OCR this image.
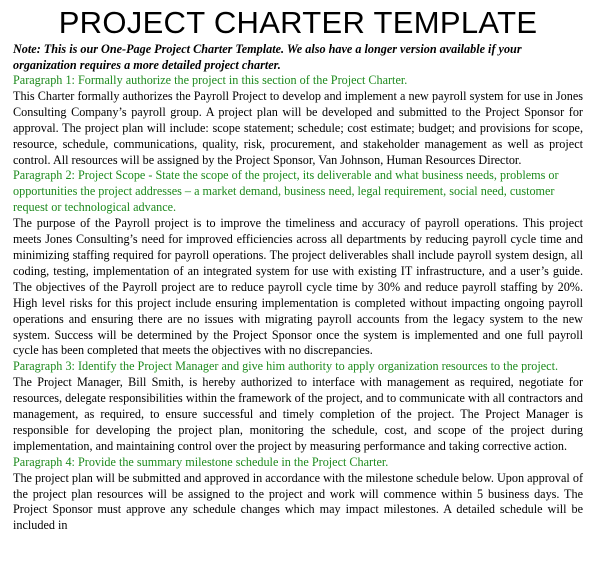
PROJECT CHARTER TEMPLATE

Note: This is our One-Page Project Charter Template. We also have a longer version available if your organization requires a more detailed project charter.

Paragraph 1: Formally authorize the project in this section of the Project Charter.

This Charter formally authorizes the Payroll Project to develop and implement a new payroll system for use in Jones Consulting Company’s payroll group. A project plan will be developed and submitted to the Project Sponsor for approval. The project plan will include: scope statement; schedule; cost estimate; budget; and provisions for scope, resource, schedule, communications, quality, risk, procurement, and stakeholder management as well as project control. All resources will be assigned by the Project Sponsor, Van Johnson, Human Resources Director.

Paragraph 2: Project Scope - State the scope of the project, its deliverable and what business needs, problems or opportunities the project addresses – a market demand, business need, legal requirement, social need, customer request or technological advance.

The purpose of the Payroll project is to improve the timeliness and accuracy of payroll operations. This project meets Jones Consulting’s need for improved efficiencies across all departments by reducing payroll cycle time and minimizing staffing required for payroll operations. The project deliverables shall include payroll system design, all coding, testing, implementation of an integrated system for use with existing IT infrastructure, and a user’s guide. The objectives of the Payroll project are to reduce payroll cycle time by 30% and reduce payroll staffing by 20%. High level risks for this project include ensuring implementation is completed without impacting ongoing payroll operations and ensuring there are no issues with migrating payroll accounts from the legacy system to the new system. Success will be determined by the Project Sponsor once the system is implemented and one full payroll cycle has been completed that meets the objectives with no discrepancies.

Paragraph 3: Identify the Project Manager and give him authority to apply organization resources to the project.

The Project Manager, Bill Smith, is hereby authorized to interface with management as required, negotiate for resources, delegate responsibilities within the framework of the project, and to communicate with all contractors and management, as required, to ensure successful and timely completion of the project. The Project Manager is responsible for developing the project plan, monitoring the schedule, cost, and scope of the project during implementation, and maintaining control over the project by measuring performance and taking corrective action.

Paragraph 4: Provide the summary milestone schedule in the Project Charter.

The project plan will be submitted and approved in accordance with the milestone schedule below. Upon approval of the project plan resources will be assigned to the project and work will commence within 5 business days. The Project Sponsor must approve any schedule changes which may impact milestones. A detailed schedule will be included in
